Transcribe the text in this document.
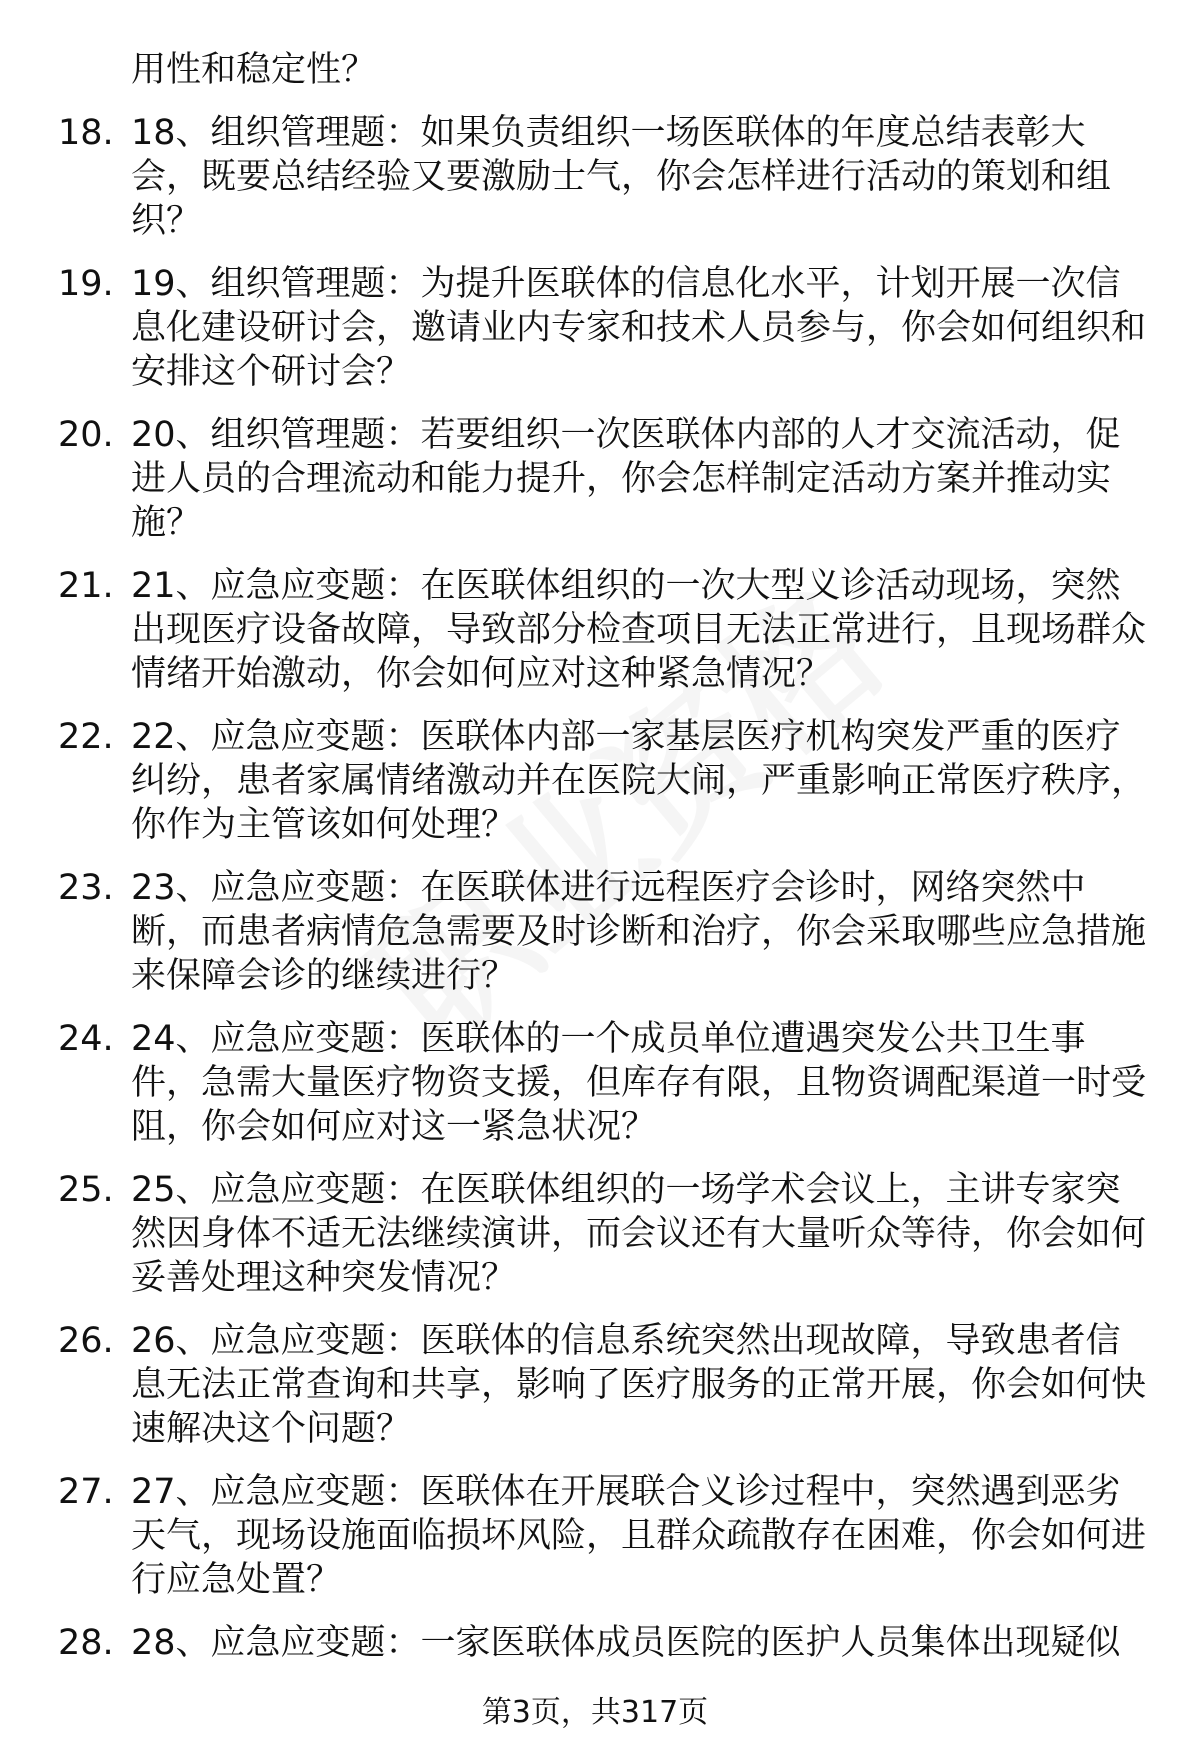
用性和稳定性？
18. 18、组织管理题：如果负责组织一场医联体的年度总结表彰大会，既要总结经验又要激励士气，你会怎样进行活动的策划和组织？
19. 19、组织管理题：为提升医联体的信息化水平，计划开展一次信息化建设研讨会，邀请业内专家和技术人员参与，你会如何组织和安排这个研讨会？
20. 20、组织管理题：若要组织一次医联体内部的人才交流活动，促进人员的合理流动和能力提升，你会怎样制定活动方案并推动实施？
21. 21、应急应变题：在医联体组织的一次大型义诊活动现场，突然出现医疗设备故障，导致部分检查项目无法正常进行，且现场群众情绪开始激动，你会如何应对这种紧急情况？
22. 22、应急应变题：医联体内部一家基层医疗机构突发严重的医疗纠纷，患者家属情绪激动并在医院大闹，严重影响正常医疗秩序，你作为主管该如何处理？
23. 23、应急应变题：在医联体进行远程医疗会诊时，网络突然中断，而患者病情危急需要及时诊断和治疗，你会采取哪些应急措施来保障会诊的继续进行？
24. 24、应急应变题：医联体的一个成员单位遭遇突发公共卫生事件，急需大量医疗物资支援，但库存有限，且物资调配渠道一时受阻，你会如何应对这一紧急状况？
25. 25、应急应变题：在医联体组织的一场学术会议上，主讲专家突然因身体不适无法继续演讲，而会议还有大量听众等待，你会如何妥善处理这种突发情况？
26. 26、应急应变题：医联体的信息系统突然出现故障，导致患者信息无法正常查询和共享，影响了医疗服务的正常开展，你会如何快速解决这个问题？
27. 27、应急应变题：医联体在开展联合义诊过程中，突然遇到恶劣天气，现场设施面临损坏风险，且群众疏散存在困难，你会如何进行应急处置？
28. 28、应急应变题：一家医联体成员医院的医护人员集体出现疑似
第3页，共317页
